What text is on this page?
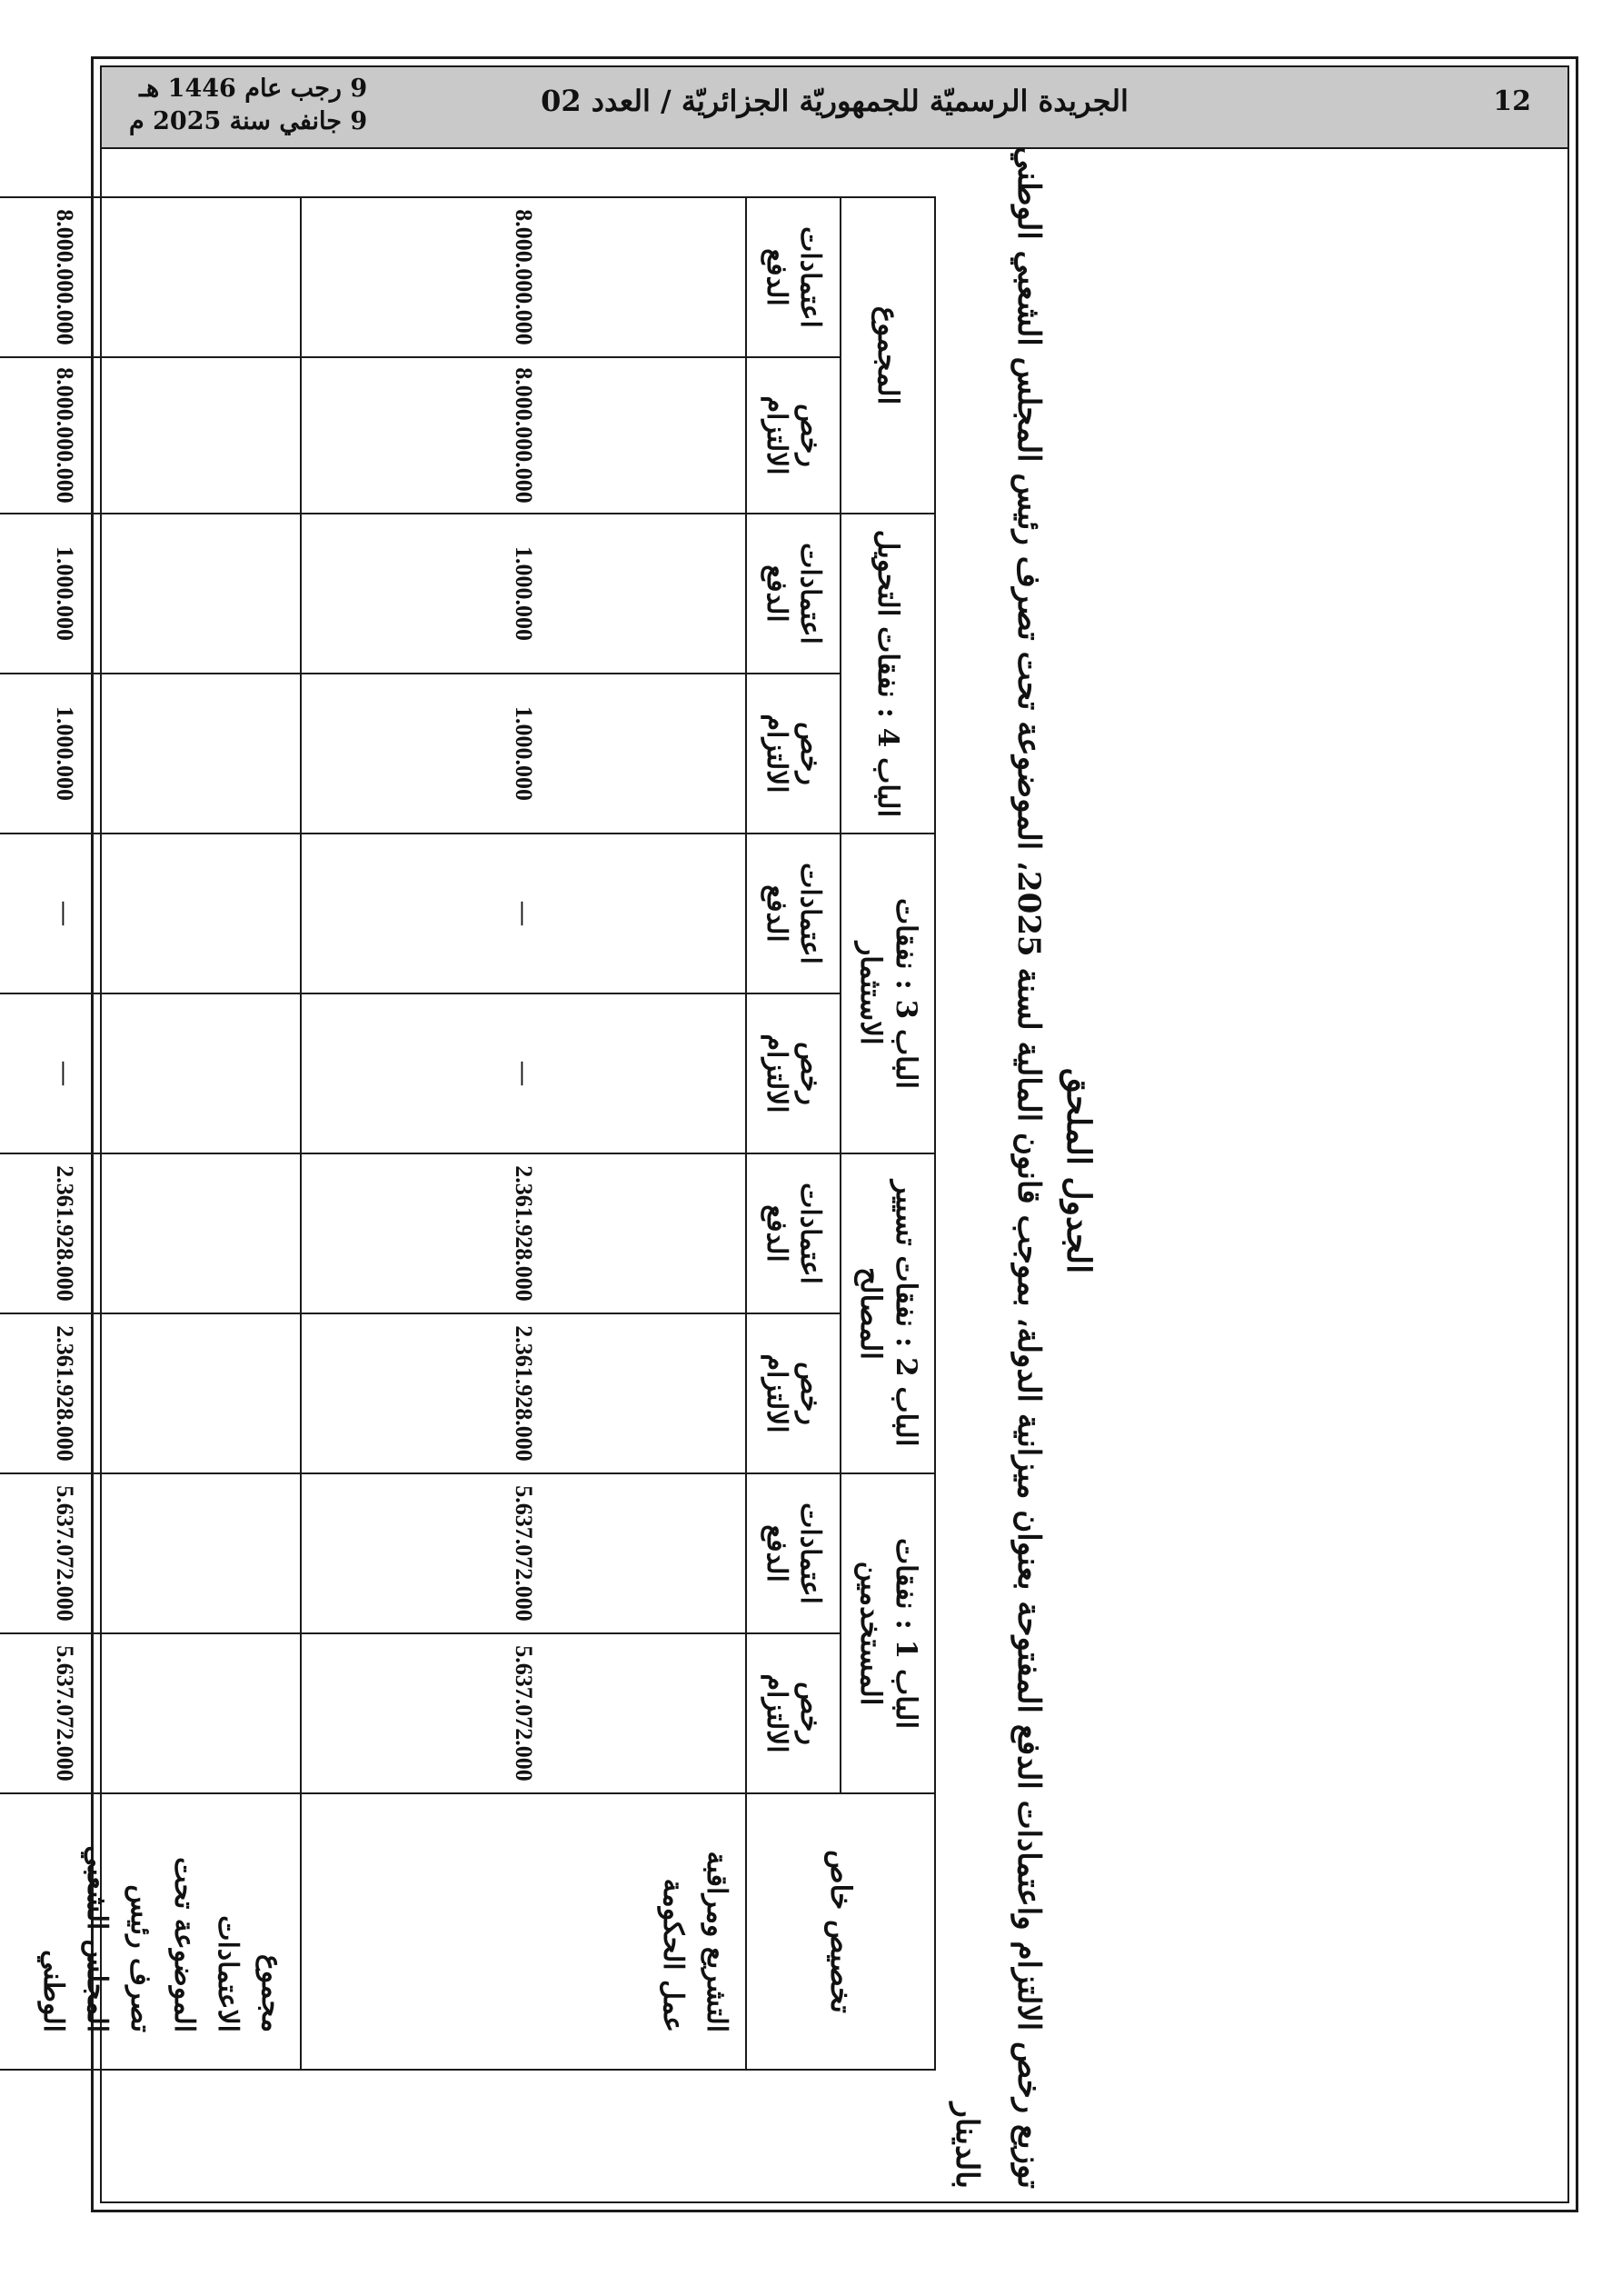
12
الجريدة الرسميّة للجمهوريّة الجزائريّة / العدد 02
9 رجب عام 1446 هـ
9 جانفي سنة 2025 م
الجدول الملحق
توزيع رخص الالتزام واعتمادات الدفع المفتوحة بعنوان ميزانية الدولة، بموجب قانون المالية لسنة 2025، الموضوعة تحت تصرف رئيس المجلس الشعبي الوطني
بالدينار
تخصيص خاص	الباب 1 : نفقات المستخدمين		الباب 2 : نفقات تسيير المصالح		الباب 3 : نفقات الاستثمار		الباب 4 : نفقات التحويل		المجموع	
	رخص الالتزام	اعتمادات الدفع	رخص الالتزام	اعتمادات الدفع	رخص الالتزام	اعتمادات الدفع	رخص الالتزام	اعتمادات الدفع	رخص الالتزام	اعتمادات الدفع
التشريع ومراقبة عمل الحكومة	5.637.072.000	5.637.072.000	2.361.928.000	2.361.928.000	—	—	1.000.000	1.000.000	8.000.000.000	8.000.000.000
مجموع الاعتمادات الموضوعة تحت تصرف رئيس المجلس الشعبي الوطني	5.637.072.000	5.637.072.000	2.361.928.000	2.361.928.000	—	—	1.000.000	1.000.000	8.000.000.000	8.000.000.000
